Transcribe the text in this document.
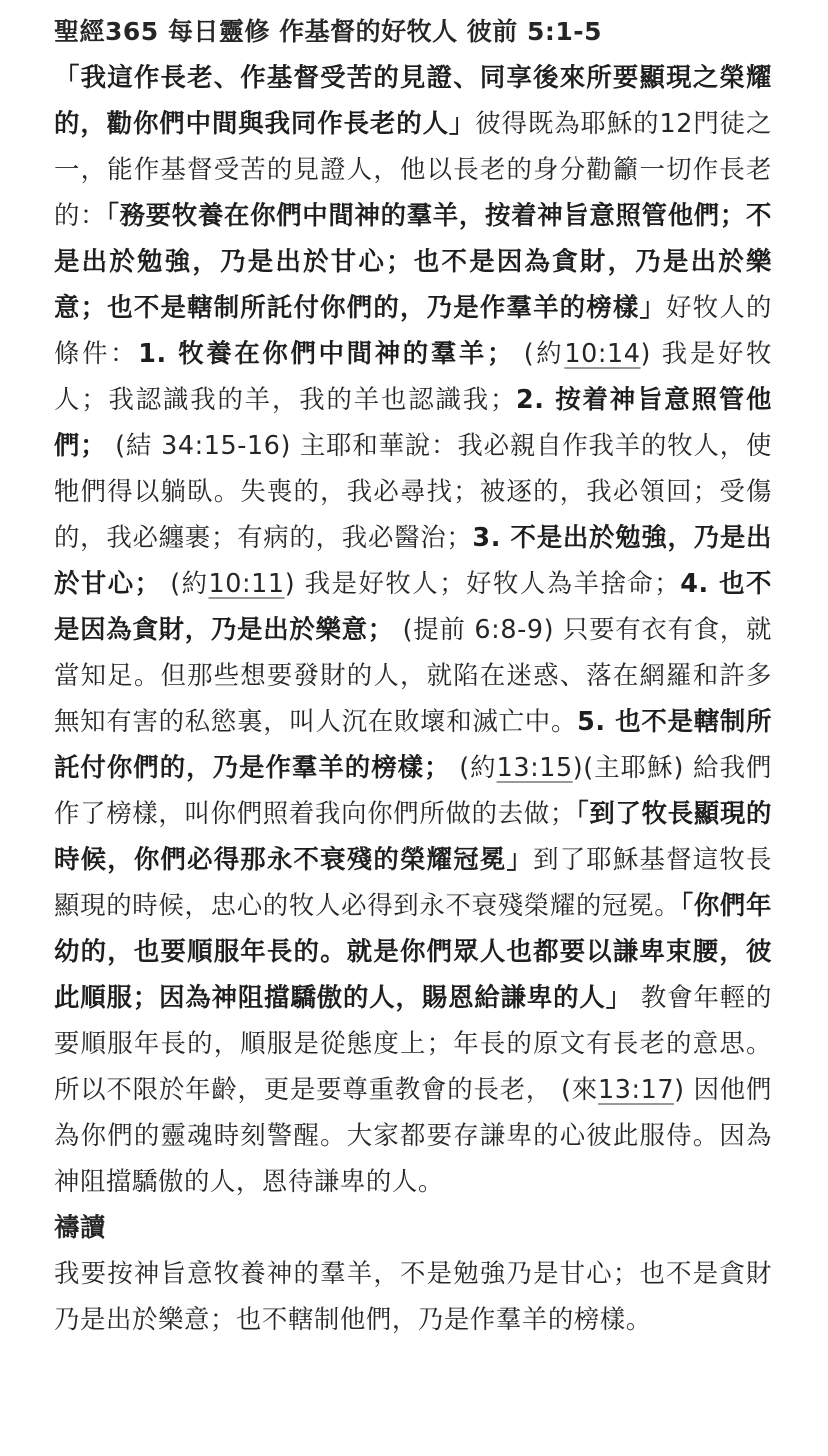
聖經365 每日靈修 作基督的好牧人 彼前 5:1-5

「我這作長老、作基督受苦的見證、同享後來所要顯現之榮耀的，勸你們中間與我同作長老的人」彼得既為耶穌的12門徒之一，能作基督受苦的見證人，他以長老的身分勸籲一切作長老的：「務要牧養在你們中間神的羣羊，按着神旨意照管他們；不是出於勉強，乃是出於甘心；也不是因為貪財，乃是出於樂意；也不是轄制所託付你們的，乃是作羣羊的榜樣」好牧人的條件：1. 牧養在你們中間神的羣羊； (約10:14) 我是好牧人；我認識我的羊，我的羊也認識我；2. 按着神旨意照管他們； (結 34:15-16) 主耶和華說：我必親自作我羊的牧人，使牠們得以躺臥。失喪的，我必尋找；被逐的，我必領回；受傷的，我必纏裹；有病的，我必醫治；3. 不是出於勉強，乃是出於甘心； (約10:11) 我是好牧人；好牧人為羊捨命；4. 也不是因為貪財，乃是出於樂意； (提前 6:8-9) 只要有衣有食，就當知足。但那些想要發財的人，就陷在迷惑、落在網羅和許多無知有害的私慾裏，叫人沉在敗壞和滅亡中。5. 也不是轄制所託付你們的，乃是作羣羊的榜樣； (約13:15)(主耶穌) 給我們作了榜樣，叫你們照着我向你們所做的去做；「到了牧長顯現的時候，你們必得那永不衰殘的榮耀冠冕」到了耶穌基督這牧長顯現的時候，忠心的牧人必得到永不衰殘榮耀的冠冕。「你們年幼的，也要順服年長的。就是你們眾人也都要以謙卑束腰，彼此順服；因為神阻擋驕傲的人，賜恩給謙卑的人」 教會年輕的要順服年長的，順服是從態度上；年長的原文有長老的意思。所以不限於年齡，更是要尊重教會的長老， (來13:17) 因他們為你們的靈魂時刻警醒。大家都要存謙卑的心彼此服侍。因為神阻擋驕傲的人，恩待謙卑的人。

禱讀

我要按神旨意牧養神的羣羊，不是勉強乃是甘心；也不是貪財乃是出於樂意；也不轄制他們，乃是作羣羊的榜樣。
